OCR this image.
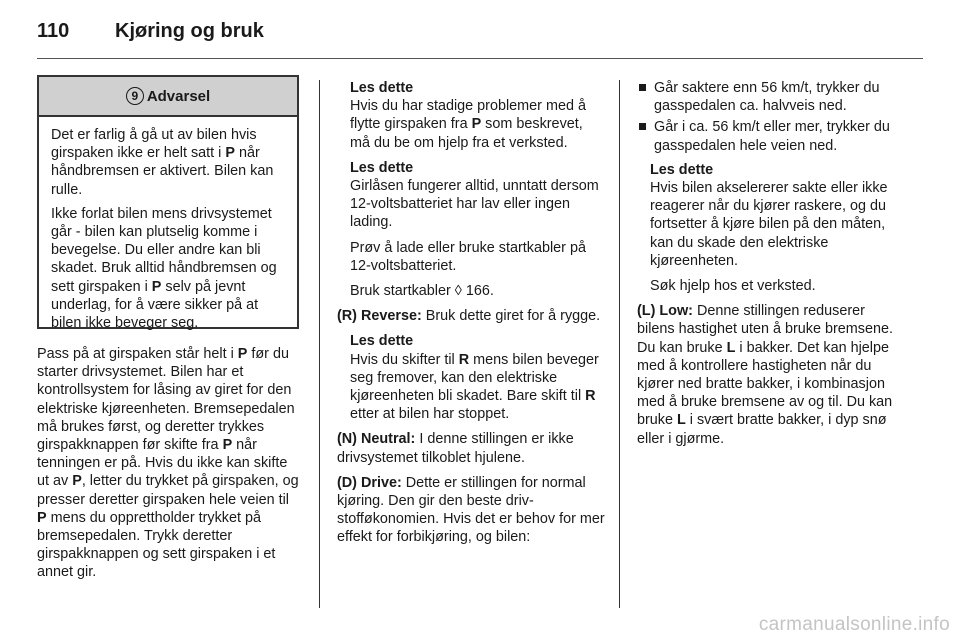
110 Kjøring og bruk
9 Advarsel

Det er farlig å gå ut av bilen hvis girspaken ikke er helt satt i P når håndbremsen er aktivert. Bilen kan rulle.

Ikke forlat bilen mens drivsystemet går - bilen kan plutselig komme i bevegelse. Du eller andre kan bli skadet. Bruk alltid håndbremsen og sett girspaken i P selv på jevnt underlag, for å være sikker på at bilen ikke beveger seg.

Pass på at girspaken står helt i P før du starter drivsystemet. Bilen har et kontrollsystem for låsing av giret for den elektriske kjøreenheten. Bremsepedalen må brukes først, og deretter trykkes girspakknappen før skifte fra P når tenningen er på. Hvis du ikke kan skifte ut av P, letter du trykket på girspaken, og presser deretter girspaken hele veien til P mens du opprettholder trykket på bremsepedalen. Trykk deretter girspakknappen og sett girspaken i et annet gir.

Les dette

Hvis du har stadige problemer med å flytte girspaken fra P som beskrevet, må du be om hjelp fra et verksted.

Les dette

Girlåsen fungerer alltid, unntatt dersom 12-voltsbatteriet har lav eller ingen lading.

Prøv å lade eller bruke startkabler på 12-voltsbatteriet.

Bruk startkabler ◊ 166.

(R) Reverse: Bruk dette giret for å rygge.

Les dette

Hvis du skifter til R mens bilen beveger seg fremover, kan den elektriske kjøreenheten bli skadet. Bare skift til R etter at bilen har stoppet.

(N) Neutral: I denne stillingen er ikke drivsystemet tilkoblet hjulene.

(D) Drive: Dette er stillingen for normal kjøring. Den gir den beste drivstofføkonomien. Hvis det er behov for mer effekt for forbikjøring, og bilen:

Går saktere enn 56 km/t, trykker du gasspedalen ca. halvveis ned.
Går i ca. 56 km/t eller mer, trykker du gasspedalen hele veien ned.
Les dette

Hvis bilen akselererer sakte eller ikke reagerer når du kjører raskere, og du fortsetter å kjøre bilen på den måten, kan du skade den elektriske kjøreenheten.

Søk hjelp hos et verksted.

(L) Low: Denne stillingen reduserer bilens hastighet uten å bruke bremsene. Du kan bruke L i bakker. Det kan hjelpe med å kontrollere hastigheten når du kjører ned bratte bakker, i kombinasjon med å bruke bremsene av og til. Du kan bruke L i svært bratte bakker, i dyp snø eller i gjørme.

carmanualsonline.info
